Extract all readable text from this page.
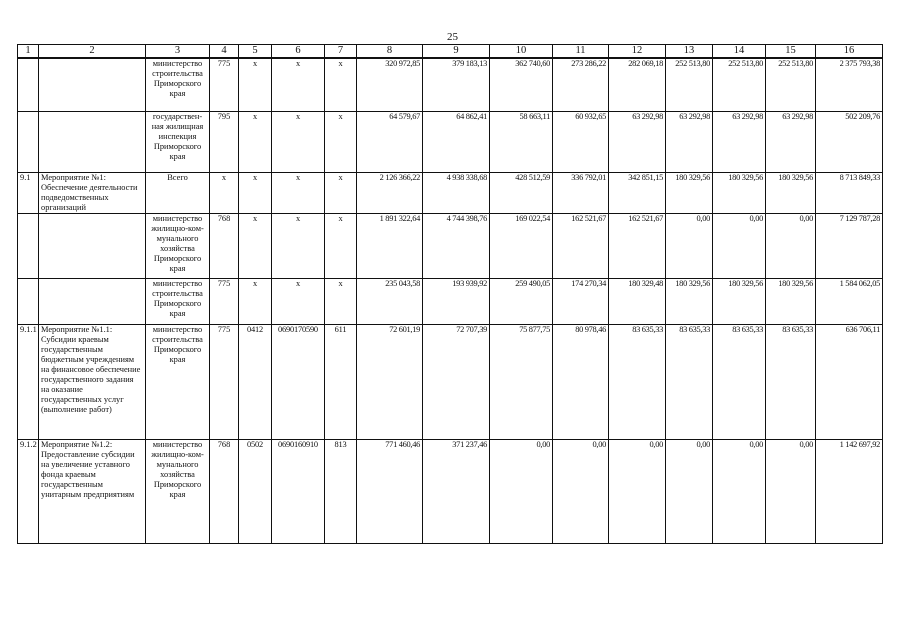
25
1	2	3	4	5	6	7	8	9	10	11	12	13	14	15	16
		министерство строительства Приморского края	775	x	x	x	320 972,85	379 183,13	362 740,60	273 286,22	282 069,18	252 513,80	252 513,80	252 513,80	2 375 793,38
		государствен-ная жилищная инспекция Приморского края	795	x	x	x	64 579,67	64 862,41	58 663,11	60 932,65	63 292,98	63 292,98	63 292,98	63 292,98	502 209,76
9.1	Мероприятие №1: Обеспечение деятельности подведомственных организаций	Всего	x	x	x	x	2 126 366,22	4 938 338,68	428 512,59	336 792,01	342 851,15	180 329,56	180 329,56	180 329,56	8 713 849,33
		министерство жилищно-ком-мунального хозяйства Приморского края	768	x	x	x	1 891 322,64	4 744 398,76	169 022,54	162 521,67	162 521,67	0,00	0,00	0,00	7 129 787,28
		министерство строительства Приморского края	775	x	x	x	235 043,58	193 939,92	259 490,05	174 270,34	180 329,48	180 329,56	180 329,56	180 329,56	1 584 062,05
9.1.1	Мероприятие №1.1: Субсидии краевым государственным бюджетным учреждениям на финансовое обеспечение государственного задания на оказание государственных услуг (выполнение работ)	министерство строительства Приморского края	775	0412	0690170590	611	72 601,19	72 707,39	75 877,75	80 978,46	83 635,33	83 635,33	83 635,33	83 635,33	636 706,11
9.1.2	Мероприятие №1.2: Предоставление субсидии на увеличение уставного фонда краевым государственным унитарным предприятиям	министерство жилищно-ком-мунального хозяйства Приморского края	768	0502	0690160910	813	771 460,46	371 237,46	0,00	0,00	0,00	0,00	0,00	0,00	1 142 697,92
